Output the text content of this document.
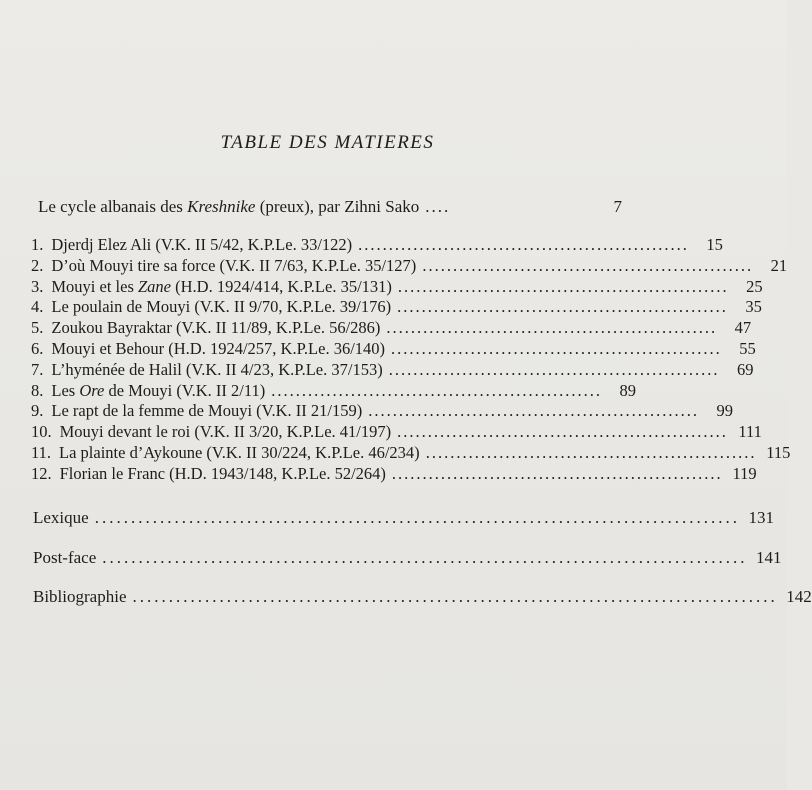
TABLE DES MATIERES
Le cycle albanais des Kreshnike (preux), par Zihni Sako ....	7
1. Djerdj Elez Ali (V.K. II 5/42, K.P.Le. 33/122) ......................................................	15
2. D’où Mouyi tire sa force (V.K. II 7/63, K.P.Le. 35/127) ......................................................	21
3. Mouyi et les Zane (H.D. 1924/414, K.P.Le. 35/131) ......................................................	25
4. Le poulain de Mouyi (V.K. II 9/70, K.P.Le. 39/176) ......................................................	35
5. Zoukou Bayraktar (V.K. II 11/89, K.P.Le. 56/286) ......................................................	47
6. Mouyi et Behour (H.D. 1924/257, K.P.Le. 36/140) ......................................................	55
7. L’hyménée de Halil (V.K. II 4/23, K.P.Le. 37/153) ......................................................	69
8. Les Ore de Mouyi (V.K. II 2/11) ......................................................	89
9. Le rapt de la femme de Mouyi (V.K. II 21/159) ......................................................	99
10. Mouyi devant le roi (V.K. II 3/20, K.P.Le. 41/197) ...................................................... 111
11. La plainte d’Aykoune (V.K. II 30/224, K.P.Le. 46/234) ...................................................... 115
12. Florian le Franc (H.D. 1943/148, K.P.Le. 52/264) ...................................................... 119
Lexique ......................................................................................... 131
Post-face ......................................................................................... 141
Bibliographie ......................................................................................... 142
